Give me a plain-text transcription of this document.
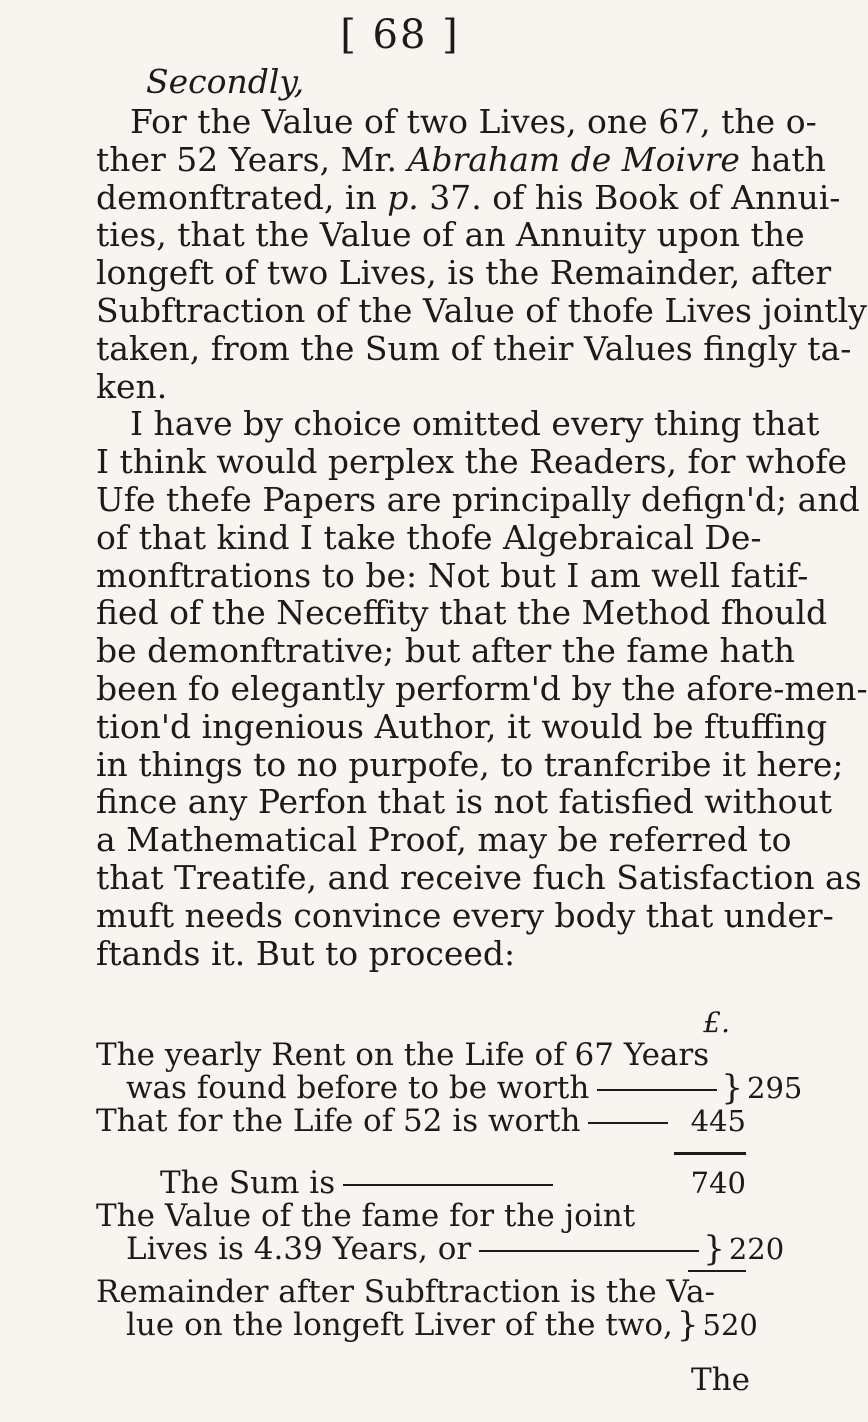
[ 68 ]
Secondly,
For the Value of two Lives, one 67, the o-
ther 52 Years, Mr. Abraham de Moivre hath
demonftrated, in p. 37. of his Book of Annui-
ties, that the Value of an Annuity upon the
longeft of two Lives, is the Remainder, after
Subftraction of the Value of thofe Lives jointly
taken, from the Sum of their Values fingly ta-
ken.
I have by choice omitted every thing that
I think would perplex the Readers, for whofe
Ufe thefe Papers are principally defign'd; and
of that kind I take thofe Algebraical De-
monftrations to be: Not but I am well fatif-
fied of the Neceffity that the Method fhould
be demonftrative; but after the fame hath
been fo elegantly perform'd by the afore-men-
tion'd ingenious Author, it would be ftuffing
in things to no purpofe, to tranfcribe it here;
fince any Perfon that is not fatisfied without
a Mathematical Proof, may be referred to
that Treatife, and receive fuch Satisfaction as
muft needs convince every body that under-
ftands it. But to proceed:
£.
The yearly Rent on the Life of 67 Years
was found before to be worth	} 295
That for the Life of 52 is worth	445
The Sum is	740
The Value of the fame for the joint
Lives is 4.39 Years, or	} 220
Remainder after Subftraction is the Va-
lue on the longeft Liver of the two, } 520
The
